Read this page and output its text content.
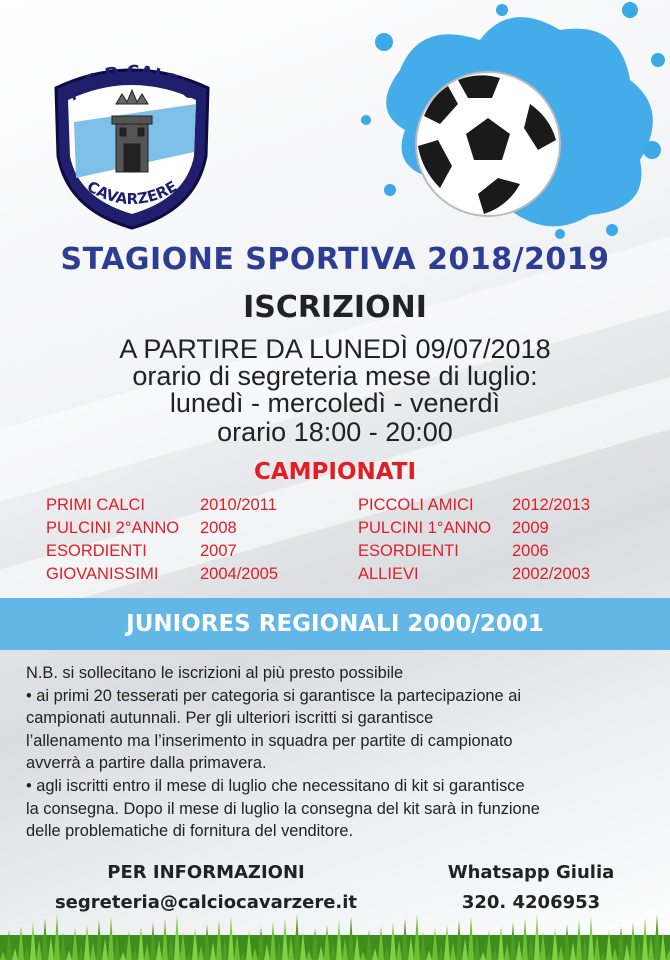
A.S.D.CALCIO
CAVARZERE
STAGIONE SPORTIVA 2018/2019
ISCRIZIONI
A PARTIRE DA LUNEDÌ 09/07/2018
orario di segreteria mese di luglio:
lunedì - mercoledì - venerdì
orario 18:00 - 20:00
CAMPIONATI
PRIMI CALCI	2010/2011
PULCINI 2°ANNO	2008
ESORDIENTI	2007
GIOVANISSIMI	2004/2005
PICCOLI AMICI	2012/2013
PULCINI 1°ANNO	2009
ESORDIENTI	2006
ALLIEVI	2002/2003
JUNIORES REGIONALI 2000/2001
N.B. si sollecitano le iscrizioni al più presto possibile
• ai primi 20 tesserati per categoria si garantisce la partecipazione ai
campionati autunnali. Per gli ulteriori iscritti si garantisce
l’allenamento ma l’inserimento in squadra per partite di campionato
avverrà a partire dalla primavera.
• agli iscritti entro il mese di luglio che necessitano di kit si garantisce
la consegna. Dopo il mese di luglio la consegna del kit sarà in funzione
delle problematiche di fornitura del venditore.
PER INFORMAZIONI
segreteria@calciocavarzere.it
Whatsapp Giulia
320. 4206953
